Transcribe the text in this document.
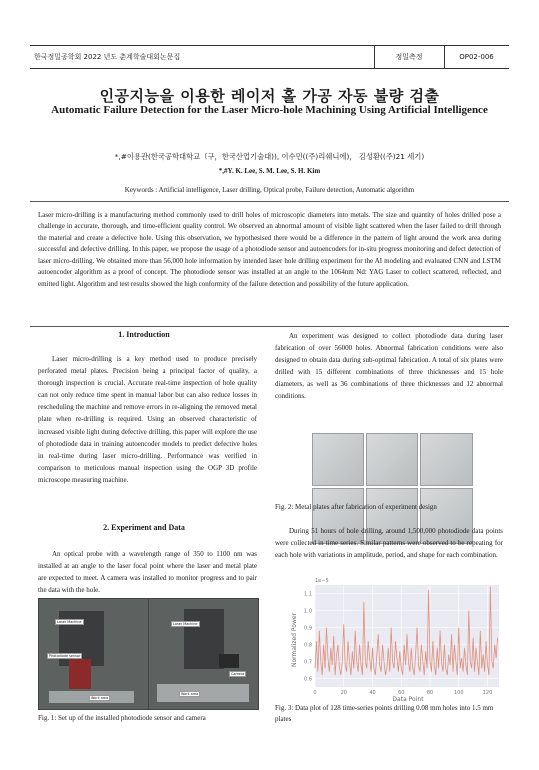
한국정밀공학회 2022 년도 춘계학술대회논문집	정밀측정	OP02-006
인공지능을 이용한 레이저 홀 가공 자동 불량 검출
Automatic Failure Detection for the Laser Micro-hole Machining Using Artificial Intelligence
*,#이용관(한국공학대학교（구，한국산업기술대)), 이수민((주)리쉐니에)， 김성환((주)21 세기)
*,#Y. K. Lee, S. M. Lee, S. H. Kim
Keywords : Artificial intelligence, Laser drilling, Optical probe, Failure detection, Automatic algorithm
Laser micro-drilling is a manufacturing method commonly used to drill holes of microscopic diameters into metals. The size and quantity of holes drilled pose a challenge in accurate, thorough, and time-efficient quality control. We observed an abnormal amount of visible light scattered when the laser failed to drill through the material and create a defective hole. Using this observation, we hypothesised there would be a difference in the pattern of light around the work area during successful and defective drilling. In this paper, we propose the usage of a photodiode sensor and autoencoders for in-situ progress monitoring and defect detection of laser micro-drilling. We obtained more than 56,000 hole information by intended laser hole drilling experiment for the AI modeling and evaluated CNN and LSTM autoencoder algorithm as a proof of concept. The photodiode sensor was installed at an angle to the 1064nm Nd: YAG Laser to collect scattered, reflected, and emitted light. Algorithm and test results showed the high conformity of the failure detection and possibility of the future application.
1. Introduction
Laser micro-drilling is a key method used to produce precisely perforated metal plates. Precision being a principal factor of quality, a thorough inspection is crucial. Accurate real-time inspection of hole quality can not only reduce time spent in manual labor but can also reduce losses in rescheduling the machine and remove errors in re-aligning the removed metal plate when re-drilling is required. Using an observed characteristic of increased visible light during defective drilling, this paper will explore the use of photodiode data in training autoencoder models to predict defective holes in real-time during laser micro-drilling. Performance was verified in comparison to meticulous manual inspection using the OGP 3D profile microscope measuring machine.
2. Experiment and Data
An optical probe with a wavelength range of 350 to 1100 nm was installed at an angle to the laser focal point where the laser and metal plate are expected to meet. A camera was installed to monitor progress and to pair the data with the hole.
Laser Machine
Photodiode sensor
Work area
Laser Machine
Camera
Work area
Fig. 1: Set up of the installed photodiode sensor and camera
An experiment was designed to collect photodiode data during laser fabrication of over 56000 holes. Abnormal fabrication conditions were also designed to obtain data during sub-optimal fabrication. A total of six plates were drilled with 15 different combinations of three thicknesses and 15 hole diameters, as well as 36 combinations of three thicknesses and 12 abnormal conditions.
Fig. 2: Metal plates after fabrication of experiment design
During 51 hours of hole drilling, around 1,500,000 photodiode data points were collected in time series. Similar patterns were observed to be repeating for each hole with variations in amplitude, period, and shape for each combination.
0	20	40	60	80	100	120
0.6
0.7
0.8
0.9
1.0
1.1
1e−5
Data Point
Normalized Power
Fig. 3: Data plot of 128 time-series points drilling 0.08 mm holes into 1.5 mm plates
